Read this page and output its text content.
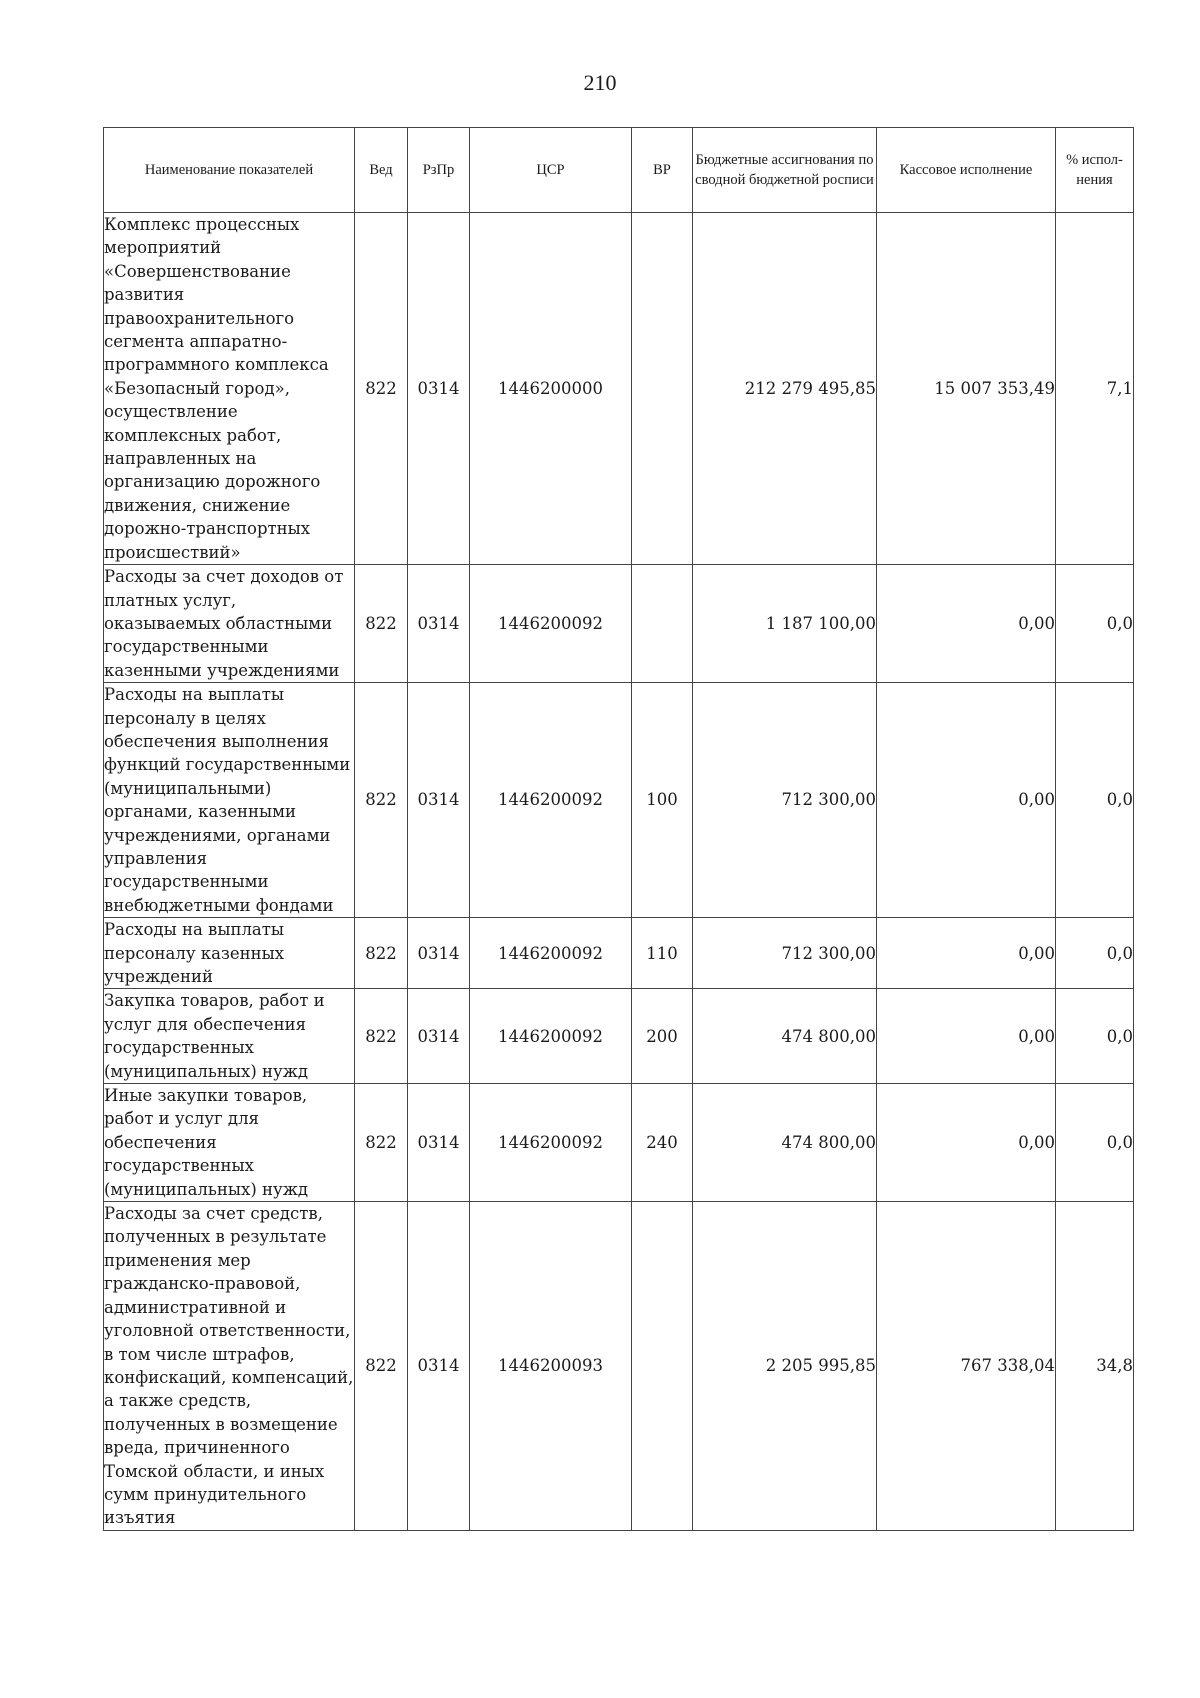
210
Наименование показателей	Вед	РзПр	ЦСР	ВР	Бюджетные ассигнования по сводной бюджетной росписи	Кассовое исполнение	% испол-нения
Комплекс процессных мероприятий «Совершенствование развития правоохранительного сегмента аппаратно-программного комплекса «Безопасный город», осуществление комплексных работ, направленных на организацию дорожного движения, снижение дорожно-транспортных происшествий»	822	0314	1446200000		212 279 495,85	15 007 353,49	7,1
Расходы за счет доходов от платных услуг, оказываемых областными государственными казенными учреждениями	822	0314	1446200092		1 187 100,00	0,00	0,0
Расходы на выплаты персоналу в целях обеспечения выполнения функций государственными (муниципальными) органами, казенными учреждениями, органами управления государственными внебюджетными фондами	822	0314	1446200092	100	712 300,00	0,00	0,0
Расходы на выплаты персоналу казенных учреждений	822	0314	1446200092	110	712 300,00	0,00	0,0
Закупка товаров, работ и услуг для обеспечения государственных (муниципальных) нужд	822	0314	1446200092	200	474 800,00	0,00	0,0
Иные закупки товаров, работ и услуг для обеспечения государственных (муниципальных) нужд	822	0314	1446200092	240	474 800,00	0,00	0,0
Расходы за счет средств, полученных в результате применения мер гражданско-правовой, административной и уголовной ответственности, в том числе штрафов, конфискаций, компенсаций, а также средств, полученных в возмещение вреда, причиненного Томской области, и иных сумм принудительного изъятия	822	0314	1446200093		2 205 995,85	767 338,04	34,8
